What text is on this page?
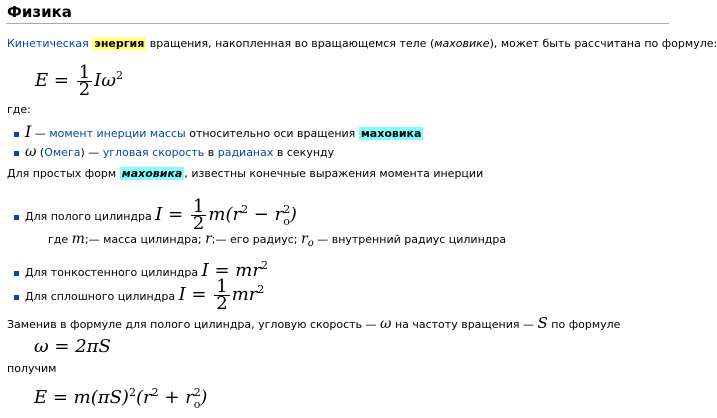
Физика
Кинетическая энергия вращения, накопленная во вращающемся теле (маховике), может быть рассчитана по формуле:
$E = \frac{1}{2} I\omega^2$
где:
I — момент инерции массы относительно оси вращения маховика
ω (Омега) — угловая скорость в радианах в секунду
Для простых форм маховика , известны конечные выражения момента инерции
Для полого цилиндра $I = \frac{1}{2} m(r^2 - r^2_o)$
где m;— масса цилиндра; r;— его радиус; $r_o$ — внутренний радиус цилиндра
Для тонкостенного цилиндра $I = mr^2$
Для сплошного цилиндра $I = \frac{1}{2} mr^2$
Заменив в формуле для полого цилиндра, угловую скорость — ω на частоту вращения — S по формуле
ω = 2πS
получим
$E = m(\pi S)^2(r^2 + r^2_o)$
